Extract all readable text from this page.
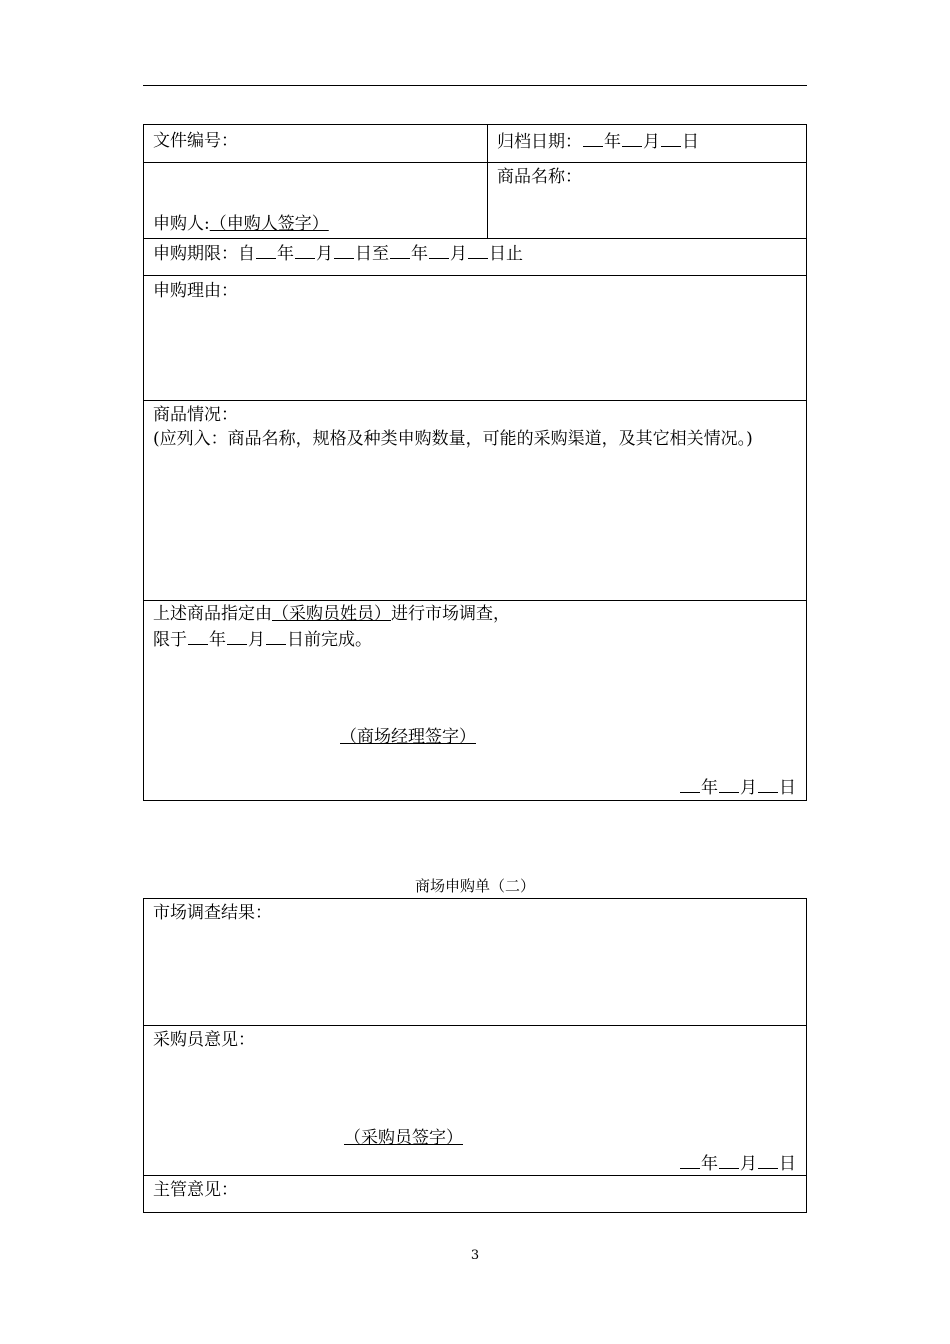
文件编号：	归档日期： 年 月 日
申购人:（申购人签字）
商品名称：
申购期限：自 年 月 日至 年 月 日止
申购理由：
商品情况：
(应列入：商品名称，规格及种类申购数量，可能的采购渠道，及其它相关情况。)
上述商品指定由（采购员姓员）进行市场调查，
限于 年 月 日前完成。
（商场经理签字）
年 月 日
商场申购单（二）
市场调查结果：
采购员意见：
（采购员签字）
年 月 日
主管意见：
3
